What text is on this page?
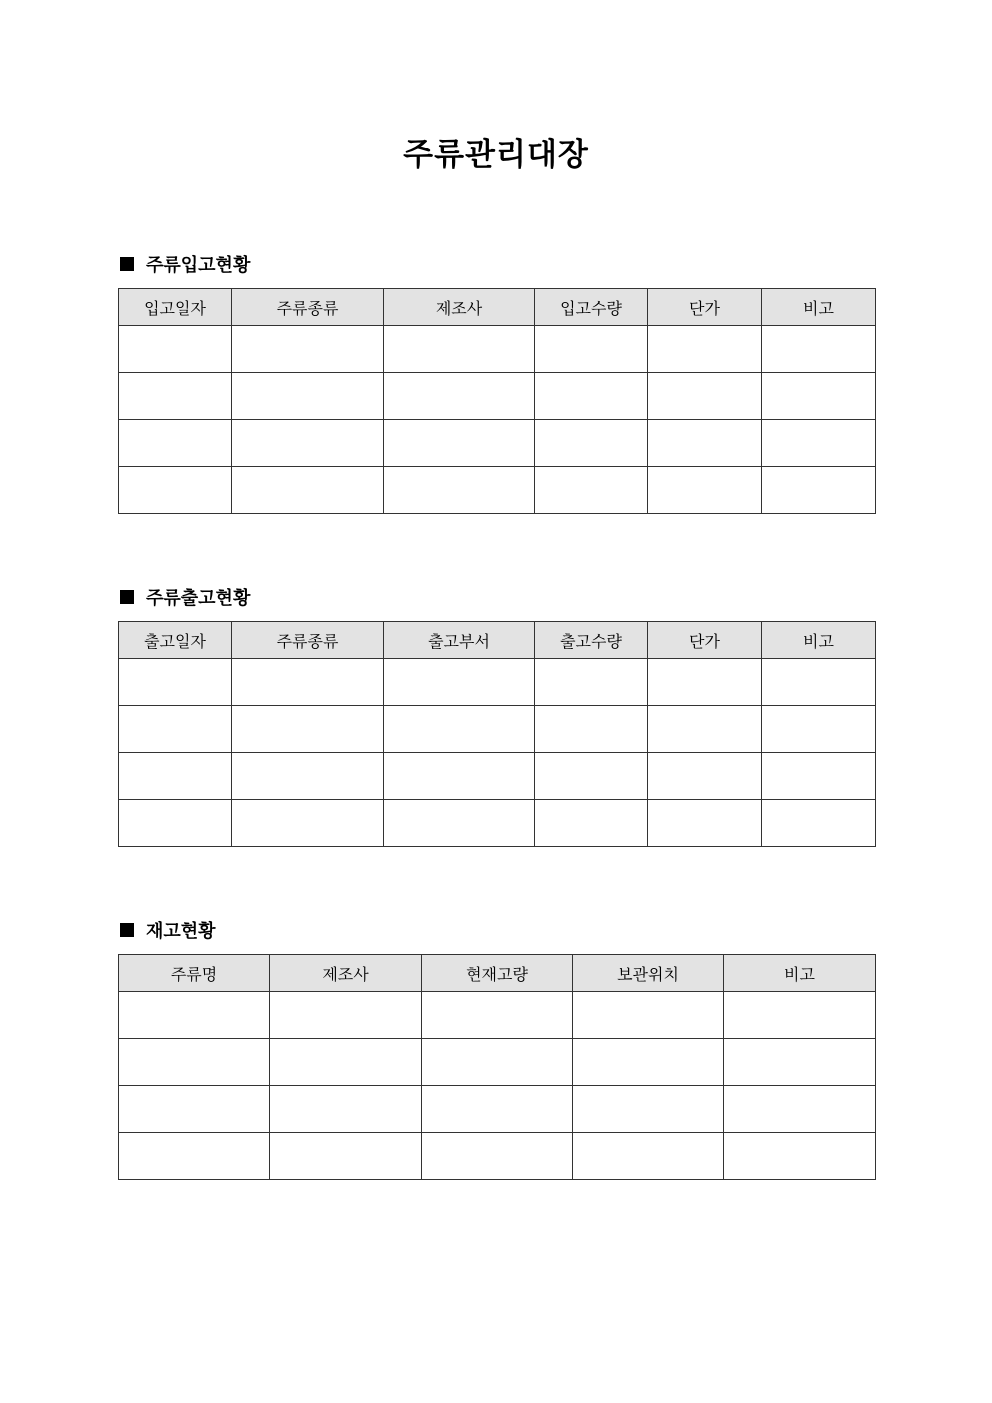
주류관리대장
주류입고현황
입고일자	주류종류	제조사	입고수량	단가	비고

주류출고현황
출고일자	주류종류	출고부서	출고수량	단가	비고

재고현황
주류명	제조사	현재고량	보관위치	비고
